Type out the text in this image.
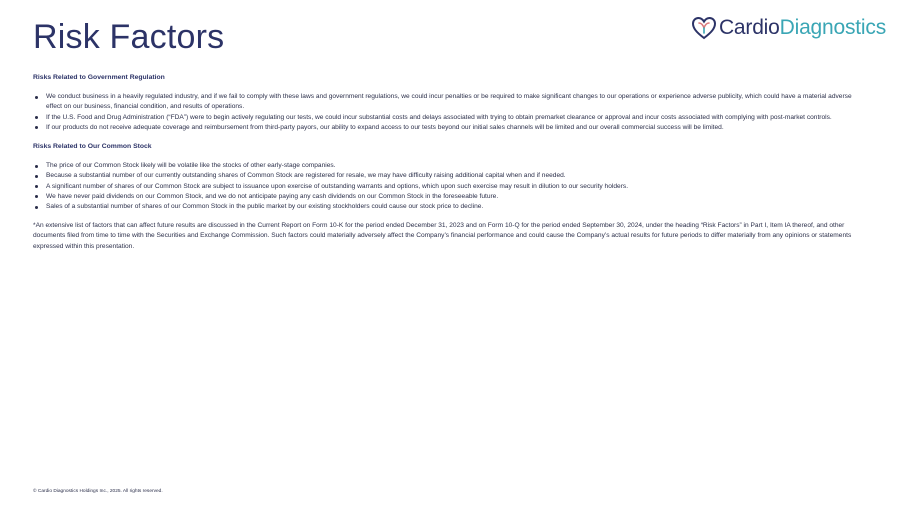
Risk Factors	CardioDiagnostics

Risks Related to Government Regulation

We conduct business in a heavily regulated industry, and if we fail to comply with these laws and government regulations, we could incur penalties or be required to make significant changes to our operations or experience adverse publicity, which could have a material adverse effect on our business, financial condition, and results of operations.
If the U.S. Food and Drug Administration (“FDA”) were to begin actively regulating our tests, we could incur substantial costs and delays associated with trying to obtain premarket clearance or approval and incur costs associated with complying with post-market controls.
If our products do not receive adequate coverage and reimbursement from third-party payors, our ability to expand access to our tests beyond our initial sales channels will be limited and our overall commercial success will be limited.

Risks Related to Our Common Stock

The price of our Common Stock likely will be volatile like the stocks of other early-stage companies.
Because a substantial number of our currently outstanding shares of Common Stock are registered for resale, we may have difficulty raising additional capital when and if needed.
A significant number of shares of our Common Stock are subject to issuance upon exercise of outstanding warrants and options, which upon such exercise may result in dilution to our security holders.
We have never paid dividends on our Common Stock, and we do not anticipate paying any cash dividends on our Common Stock in the foreseeable future.
Sales of a substantial number of shares of our Common Stock in the public market by our existing stockholders could cause our stock price to decline.

*An extensive list of factors that can affect future results are discussed in the Current Report on Form 10-K for the period ended December 31, 2023 and on Form 10-Q for the period ended September 30, 2024, under the heading “Risk Factors” in Part I, Item IA thereof, and other documents filed from time to time with the Securities and Exchange Commission. Such factors could materially adversely affect the Company’s financial performance and could cause the Company’s actual results for future periods to differ materially from any opinions or statements expressed within this presentation.

© Cardio Diagnostics Holdings Inc., 2025. All rights reserved.
